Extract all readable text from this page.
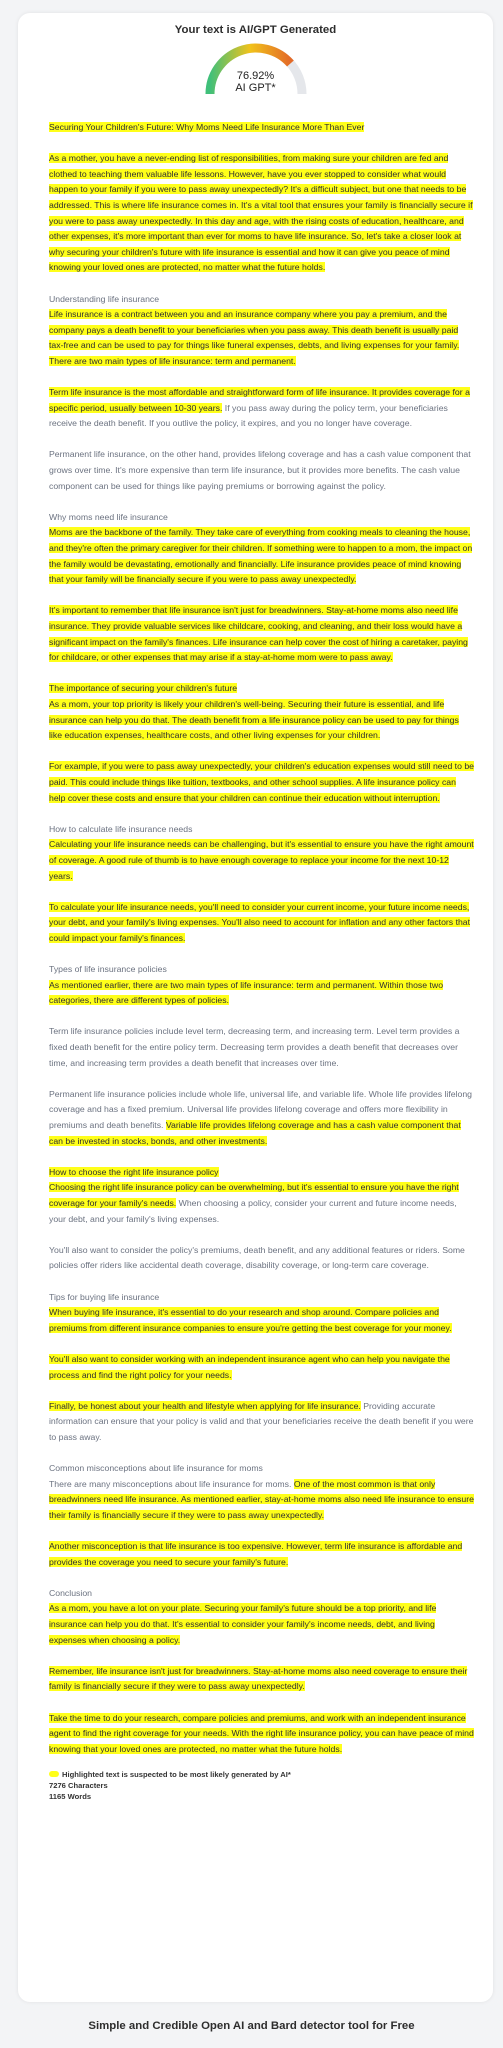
Your text is AI/GPT Generated
76.92%
AI GPT*

Securing Your Children's Future: Why Moms Need Life Insurance More Than Ever

As a mother, you have a never-ending list of responsibilities, from making sure your children are fed and clothed to teaching them valuable life lessons. However, have you ever stopped to consider what would happen to your family if you were to pass away unexpectedly? It's a difficult subject, but one that needs to be addressed. This is where life insurance comes in. It's a vital tool that ensures your family is financially secure if you were to pass away unexpectedly. In this day and age, with the rising costs of education, healthcare, and other expenses, it's more important than ever for moms to have life insurance. So, let's take a closer look at why securing your children's future with life insurance is essential and how it can give you peace of mind knowing your loved ones are protected, no matter what the future holds.

Understanding life insurance
Life insurance is a contract between you and an insurance company where you pay a premium, and the company pays a death benefit to your beneficiaries when you pass away. This death benefit is usually paid tax-free and can be used to pay for things like funeral expenses, debts, and living expenses for your family. There are two main types of life insurance: term and permanent.

Term life insurance is the most affordable and straightforward form of life insurance. It provides coverage for a specific period, usually between 10-30 years. If you pass away during the policy term, your beneficiaries receive the death benefit. If you outlive the policy, it expires, and you no longer have coverage.

Permanent life insurance, on the other hand, provides lifelong coverage and has a cash value component that grows over time. It's more expensive than term life insurance, but it provides more benefits. The cash value component can be used for things like paying premiums or borrowing against the policy.

Why moms need life insurance
Moms are the backbone of the family. They take care of everything from cooking meals to cleaning the house, and they're often the primary caregiver for their children. If something were to happen to a mom, the impact on the family would be devastating, emotionally and financially. Life insurance provides peace of mind knowing that your family will be financially secure if you were to pass away unexpectedly.

It's important to remember that life insurance isn't just for breadwinners. Stay-at-home moms also need life insurance. They provide valuable services like childcare, cooking, and cleaning, and their loss would have a significant impact on the family's finances. Life insurance can help cover the cost of hiring a caretaker, paying for childcare, or other expenses that may arise if a stay-at-home mom were to pass away.

The importance of securing your children's future
As a mom, your top priority is likely your children's well-being. Securing their future is essential, and life insurance can help you do that. The death benefit from a life insurance policy can be used to pay for things like education expenses, healthcare costs, and other living expenses for your children.

For example, if you were to pass away unexpectedly, your children's education expenses would still need to be paid. This could include things like tuition, textbooks, and other school supplies. A life insurance policy can help cover these costs and ensure that your children can continue their education without interruption.

How to calculate life insurance needs
Calculating your life insurance needs can be challenging, but it's essential to ensure you have the right amount of coverage. A good rule of thumb is to have enough coverage to replace your income for the next 10-12 years.

To calculate your life insurance needs, you'll need to consider your current income, your future income needs, your debt, and your family's living expenses. You'll also need to account for inflation and any other factors that could impact your family's finances.

Types of life insurance policies
As mentioned earlier, there are two main types of life insurance: term and permanent. Within those two categories, there are different types of policies.

Term life insurance policies include level term, decreasing term, and increasing term. Level term provides a fixed death benefit for the entire policy term. Decreasing term provides a death benefit that decreases over time, and increasing term provides a death benefit that increases over time.

Permanent life insurance policies include whole life, universal life, and variable life. Whole life provides lifelong coverage and has a fixed premium. Universal life provides lifelong coverage and offers more flexibility in premiums and death benefits. Variable life provides lifelong coverage and has a cash value component that can be invested in stocks, bonds, and other investments.

How to choose the right life insurance policy
Choosing the right life insurance policy can be overwhelming, but it's essential to ensure you have the right coverage for your family's needs. When choosing a policy, consider your current and future income needs, your debt, and your family's living expenses.

You'll also want to consider the policy's premiums, death benefit, and any additional features or riders. Some policies offer riders like accidental death coverage, disability coverage, or long-term care coverage.

Tips for buying life insurance
When buying life insurance, it's essential to do your research and shop around. Compare policies and premiums from different insurance companies to ensure you're getting the best coverage for your money.

You'll also want to consider working with an independent insurance agent who can help you navigate the process and find the right policy for your needs.

Finally, be honest about your health and lifestyle when applying for life insurance. Providing accurate information can ensure that your policy is valid and that your beneficiaries receive the death benefit if you were to pass away.

Common misconceptions about life insurance for moms
There are many misconceptions about life insurance for moms. One of the most common is that only breadwinners need life insurance. As mentioned earlier, stay-at-home moms also need life insurance to ensure their family is financially secure if they were to pass away unexpectedly.

Another misconception is that life insurance is too expensive. However, term life insurance is affordable and provides the coverage you need to secure your family's future.

Conclusion
As a mom, you have a lot on your plate. Securing your family's future should be a top priority, and life insurance can help you do that. It's essential to consider your family's income needs, debt, and living expenses when choosing a policy.

Remember, life insurance isn't just for breadwinners. Stay-at-home moms also need coverage to ensure their family is financially secure if they were to pass away unexpectedly.

Take the time to do your research, compare policies and premiums, and work with an independent insurance agent to find the right coverage for your needs. With the right life insurance policy, you can have peace of mind knowing that your loved ones are protected, no matter what the future holds.

Highlighted text is suspected to be most likely generated by AI*
7276 Characters
1165 Words
Simple and Credible Open AI and Bard detector tool for Free
